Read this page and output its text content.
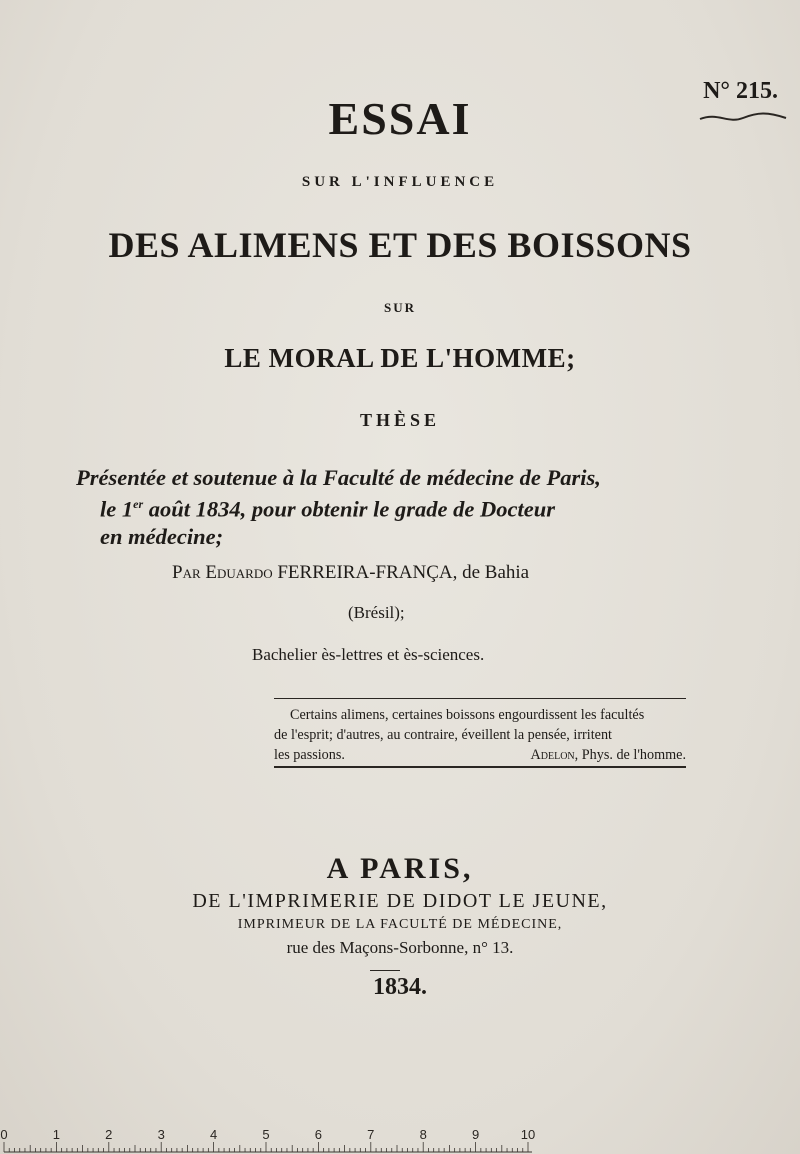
N° 215.
ESSAI
SUR L'INFLUENCE
DES ALIMENS ET DES BOISSONS
SUR
LE MORAL DE L'HOMME;
THÈSE
Présentée et soutenue à la Faculté de médecine de Paris,
le 1er août 1834, pour obtenir le grade de Docteur
en médecine;
Par Eduardo FERREIRA-FRANÇA, de Bahia
(Brésil);
Bachelier ès-lettres et ès-sciences.
Certains alimens, certaines boissons engourdissent les facultés
de l'esprit; d'autres, au contraire, éveillent la pensée, irritent
les passions.	Adelon, Phys. de l'homme.
A PARIS,
DE L'IMPRIMERIE DE DIDOT LE JEUNE,
IMPRIMEUR DE LA FACULTÉ DE MÉDECINE,
rue des Maçons-Sorbonne, n° 13.
1834.
0	1	2	3	4	5	6	7	8	9	10
